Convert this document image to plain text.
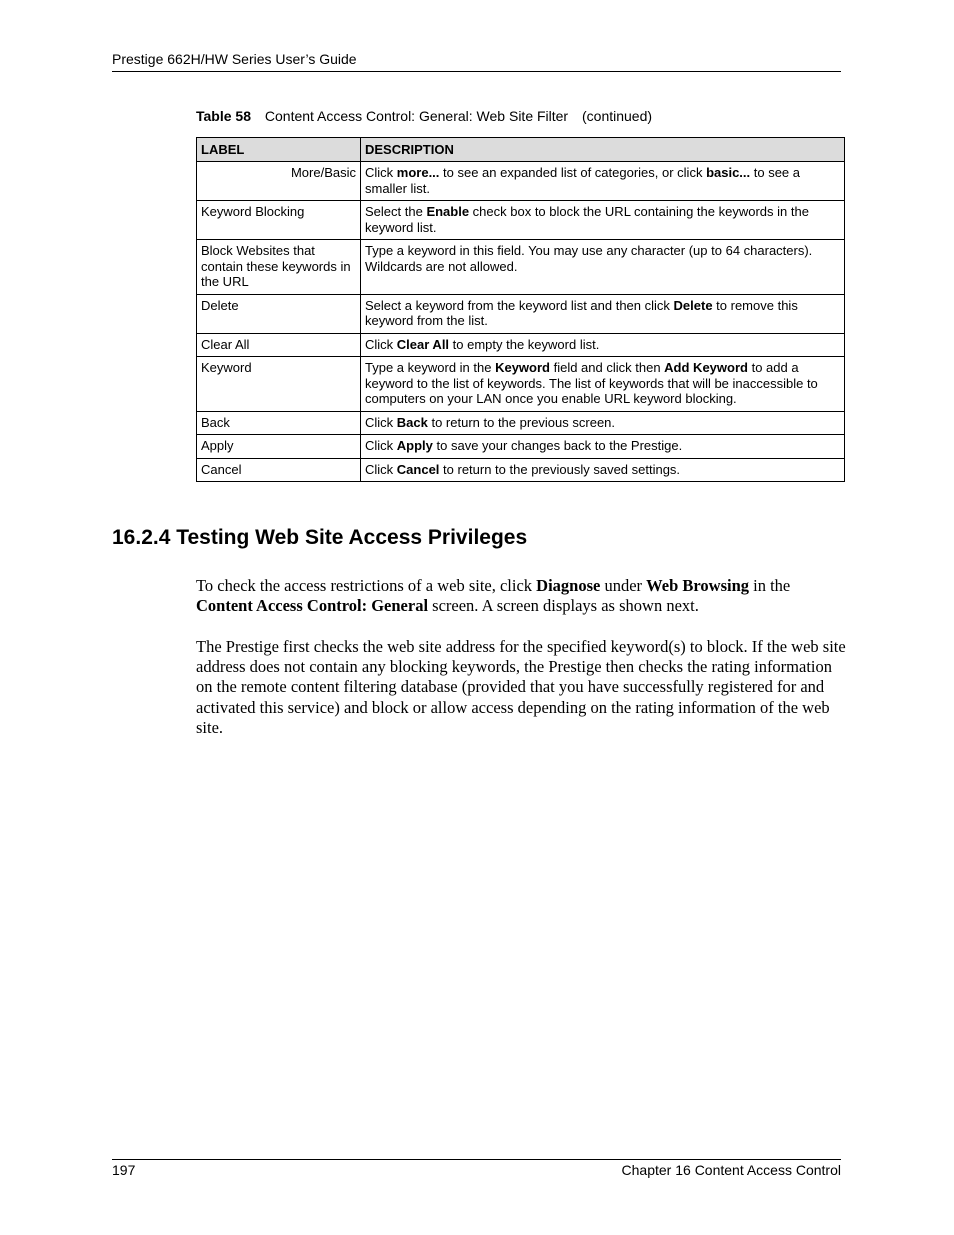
Prestige 662H/HW Series User’s Guide
Table 58 Content Access Control: General: Web Site Filter (continued)
LABEL	DESCRIPTION
More/Basic	Click more... to see an expanded list of categories, or click basic... to see a smaller list.
Keyword Blocking	Select the Enable check box to block the URL containing the keywords in the keyword list.
Block Websites that contain these keywords in the URL	Type a keyword in this field. You may use any character (up to 64 characters). Wildcards are not allowed.
Delete	Select a keyword from the keyword list and then click Delete to remove this keyword from the list.
Clear All	Click Clear All to empty the keyword list.
Keyword	Type a keyword in the Keyword field and click then Add Keyword to add a keyword to the list of keywords. The list of keywords that will be inaccessible to computers on your LAN once you enable URL keyword blocking.
Back	Click Back to return to the previous screen.
Apply	Click Apply to save your changes back to the Prestige.
Cancel	Click Cancel to return to the previously saved settings.
16.2.4 Testing Web Site Access Privileges
To check the access restrictions of a web site, click Diagnose under Web Browsing in the Content Access Control: General screen. A screen displays as shown next.
The Prestige first checks the web site address for the specified keyword(s) to block. If the web site address does not contain any blocking keywords, the Prestige then checks the rating information on the remote content filtering database (provided that you have successfully registered for and activated this service) and block or allow access depending on the rating information of the web site.
197	Chapter 16 Content Access Control
